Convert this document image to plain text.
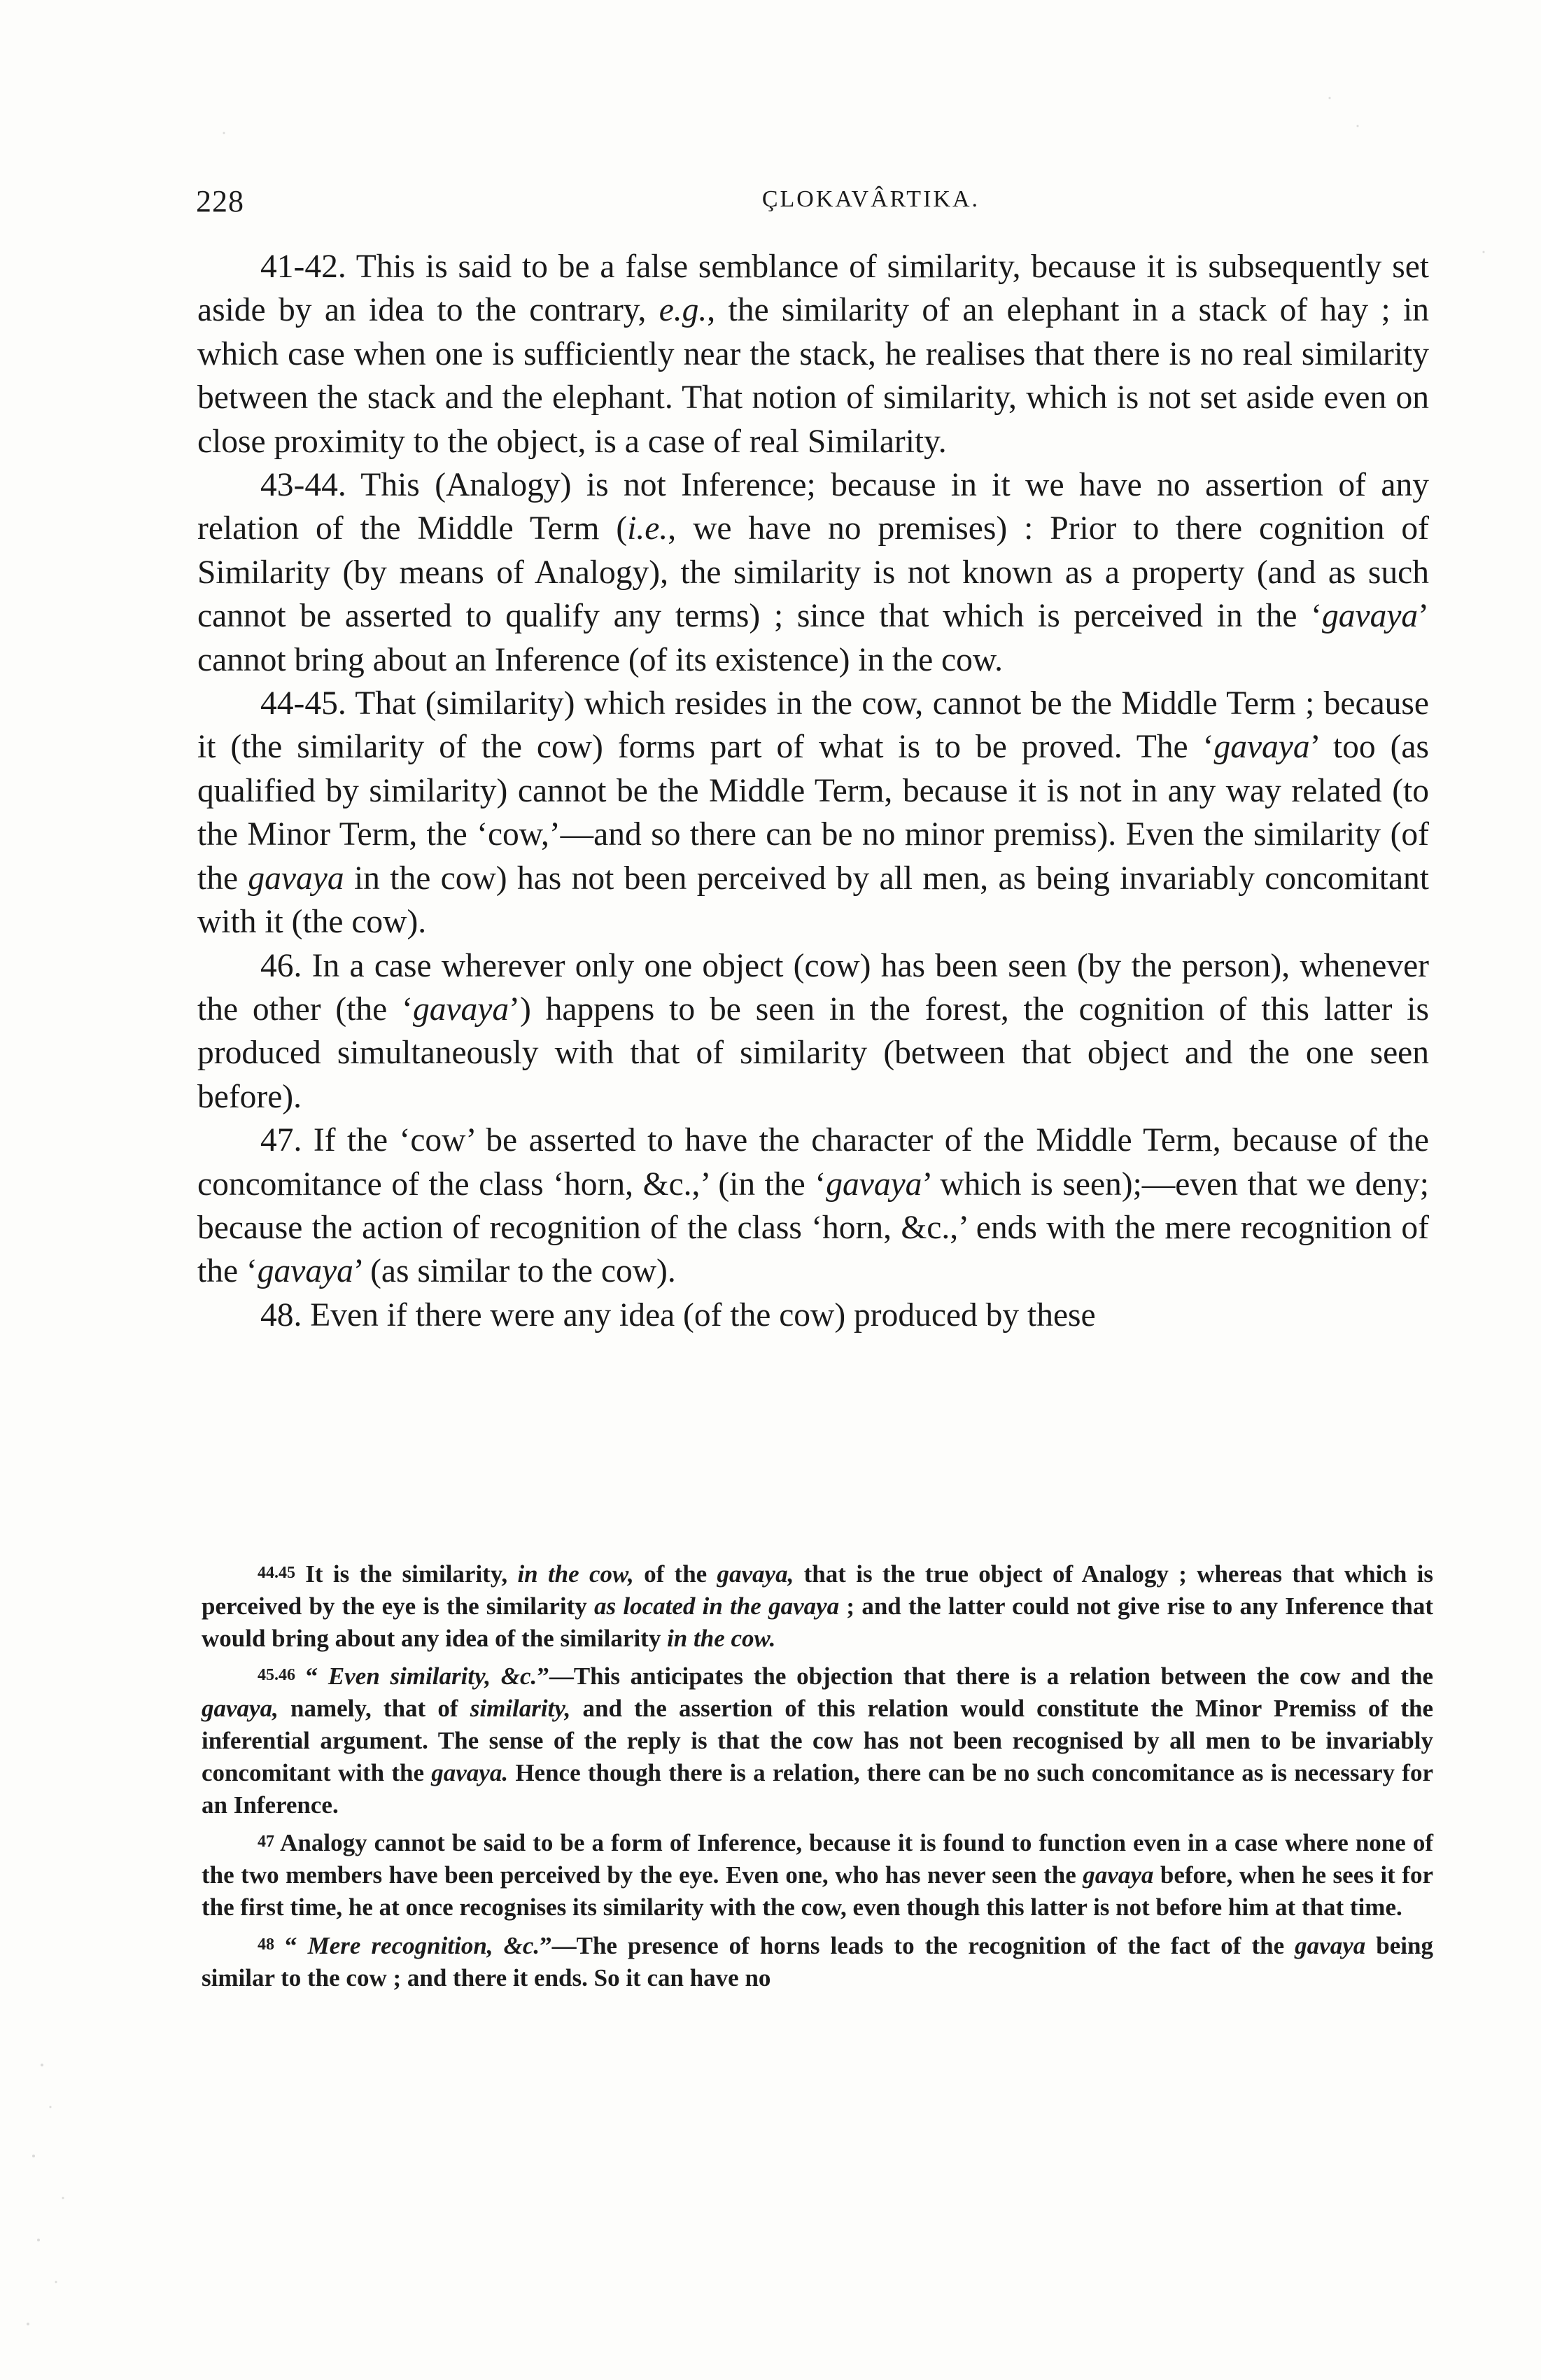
228	ÇLOKAVÂRTIKA.

41-42. This is said to be a false semblance of similarity, because it is subsequently set aside by an idea to the contrary, e.g., the similarity of an elephant in a stack of hay ; in which case when one is sufficiently near the stack, he realises that there is no real similarity between the stack and the elephant. That notion of similarity, which is not set aside even on close proximity to the object, is a case of real Similarity.

43-44. This (Analogy) is not Inference; because in it we have no assertion of any relation of the Middle Term (i.e., we have no premises) : Prior to there cognition of Similarity (by means of Analogy), the similarity is not known as a property (and as such cannot be asserted to qualify any terms) ; since that which is perceived in the ‘gavaya’ cannot bring about an Inference (of its existence) in the cow.

44-45. That (similarity) which resides in the cow, cannot be the Middle Term ; because it (the similarity of the cow) forms part of what is to be proved. The ‘gavaya’ too (as qualified by similarity) cannot be the Middle Term, because it is not in any way related (to the Minor Term, the ‘cow,’—and so there can be no minor premiss). Even the similarity (of the gavaya in the cow) has not been perceived by all men, as being invariably concomitant with it (the cow).

46. In a case wherever only one object (cow) has been seen (by the person), whenever the other (the ‘gavaya’) happens to be seen in the forest, the cognition of this latter is produced simultaneously with that of similarity (between that object and the one seen before).

47. If the ‘cow’ be asserted to have the character of the Middle Term, because of the concomitance of the class ‘horn, &c.,’ (in the ‘gavaya’ which is seen);—even that we deny; because the action of recognition of the class ‘horn, &c.,’ ends with the mere recognition of the ‘gavaya’ (as similar to the cow).

48. Even if there were any idea (of the cow) produced by these

44.45 It is the similarity, in the cow, of the gavaya, that is the true object of Analogy ; whereas that which is perceived by the eye is the similarity as located in the gavaya ; and the latter could not give rise to any Inference that would bring about any idea of the similarity in the cow.

45.46 “ Even similarity, &c.”—This anticipates the objection that there is a relation between the cow and the gavaya, namely, that of similarity, and the assertion of this relation would constitute the Minor Premiss of the inferential argument. The sense of the reply is that the cow has not been recognised by all men to be invariably concomitant with the gavaya. Hence though there is a relation, there can be no such concomitance as is necessary for an Inference.

47 Analogy cannot be said to be a form of Inference, because it is found to function even in a case where none of the two members have been perceived by the eye. Even one, who has never seen the gavaya before, when he sees it for the first time, he at once recognises its similarity with the cow, even though this latter is not before him at that time.

48 “ Mere recognition, &c.”—The presence of horns leads to the recognition of the fact of the gavaya being similar to the cow ; and there it ends. So it can have no
